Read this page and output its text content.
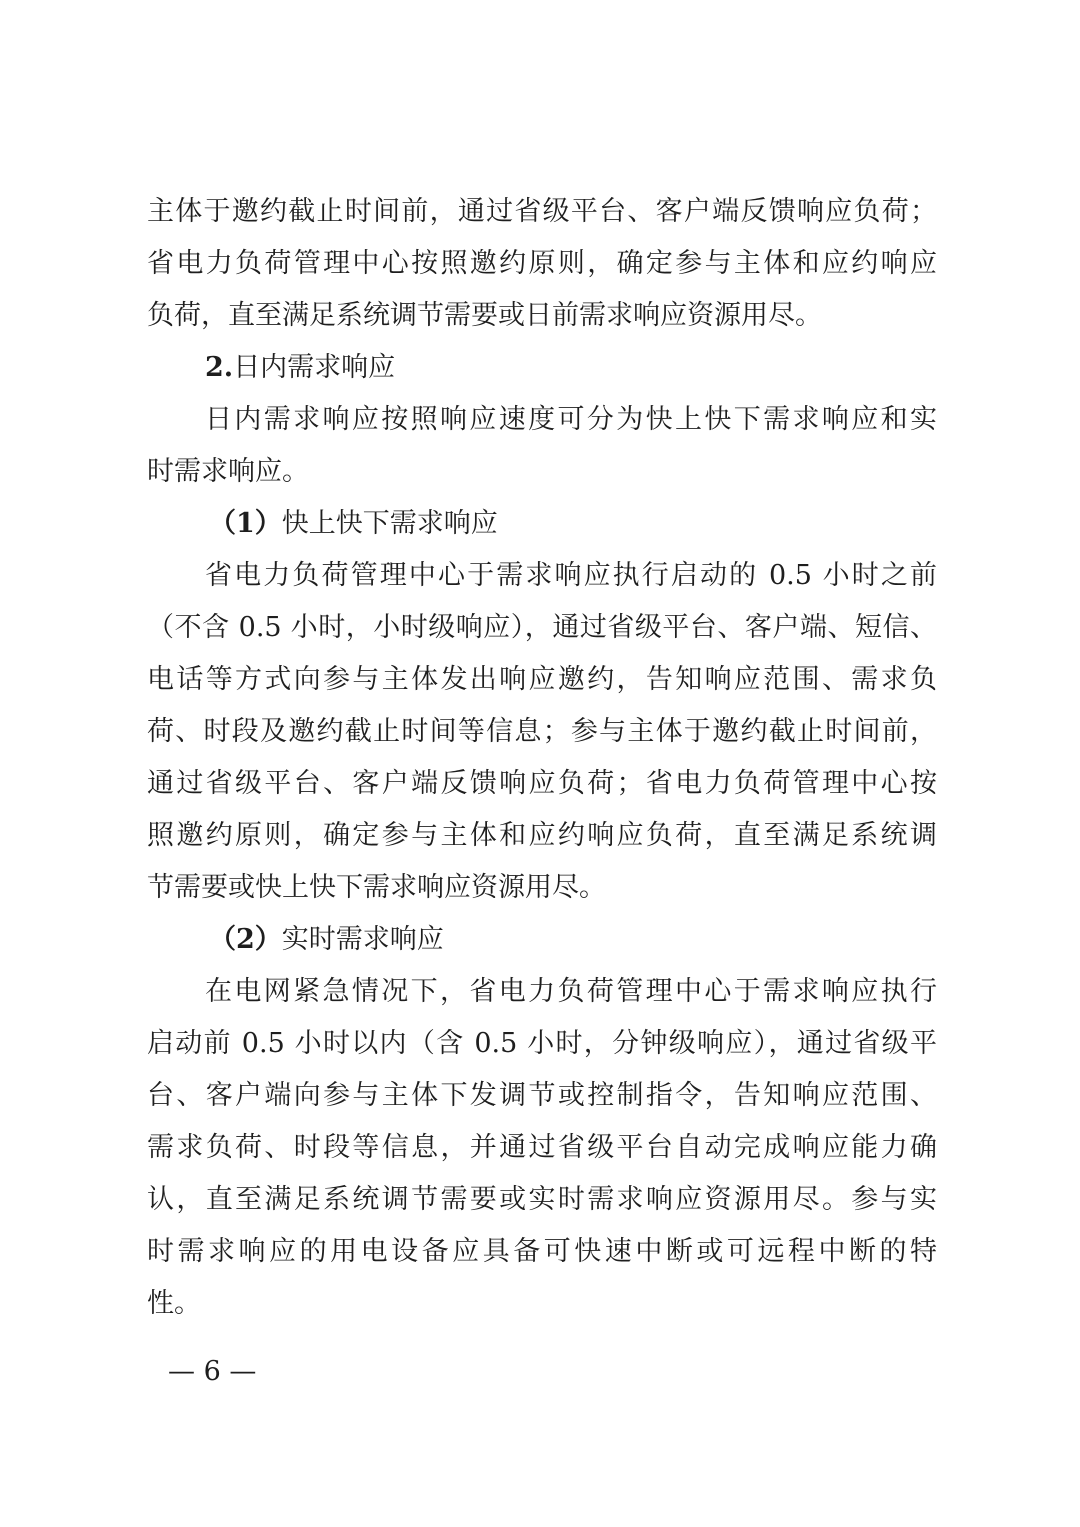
主体于邀约截止时间前，通过省级平台、客户端反馈响应负荷；
省电力负荷管理中心按照邀约原则，确定参与主体和应约响应
负荷，直至满足系统调节需要或日前需求响应资源用尽。
2.日内需求响应
日内需求响应按照响应速度可分为快上快下需求响应和实
时需求响应。
（1）快上快下需求响应
省电力负荷管理中心于需求响应执行启动的 0.5 小时之前
（不含 0.5 小时，小时级响应），通过省级平台、客户端、短信、
电话等方式向参与主体发出响应邀约，告知响应范围、需求负
荷、时段及邀约截止时间等信息；参与主体于邀约截止时间前，
通过省级平台、客户端反馈响应负荷；省电力负荷管理中心按
照邀约原则，确定参与主体和应约响应负荷，直至满足系统调
节需要或快上快下需求响应资源用尽。
（2）实时需求响应
在电网紧急情况下，省电力负荷管理中心于需求响应执行
启动前 0.5 小时以内（含 0.5 小时，分钟级响应），通过省级平
台、客户端向参与主体下发调节或控制指令，告知响应范围、
需求负荷、时段等信息，并通过省级平台自动完成响应能力确
认，直至满足系统调节需要或实时需求响应资源用尽。参与实
时需求响应的用电设备应具备可快速中断或可远程中断的特
性。
— 6 —
